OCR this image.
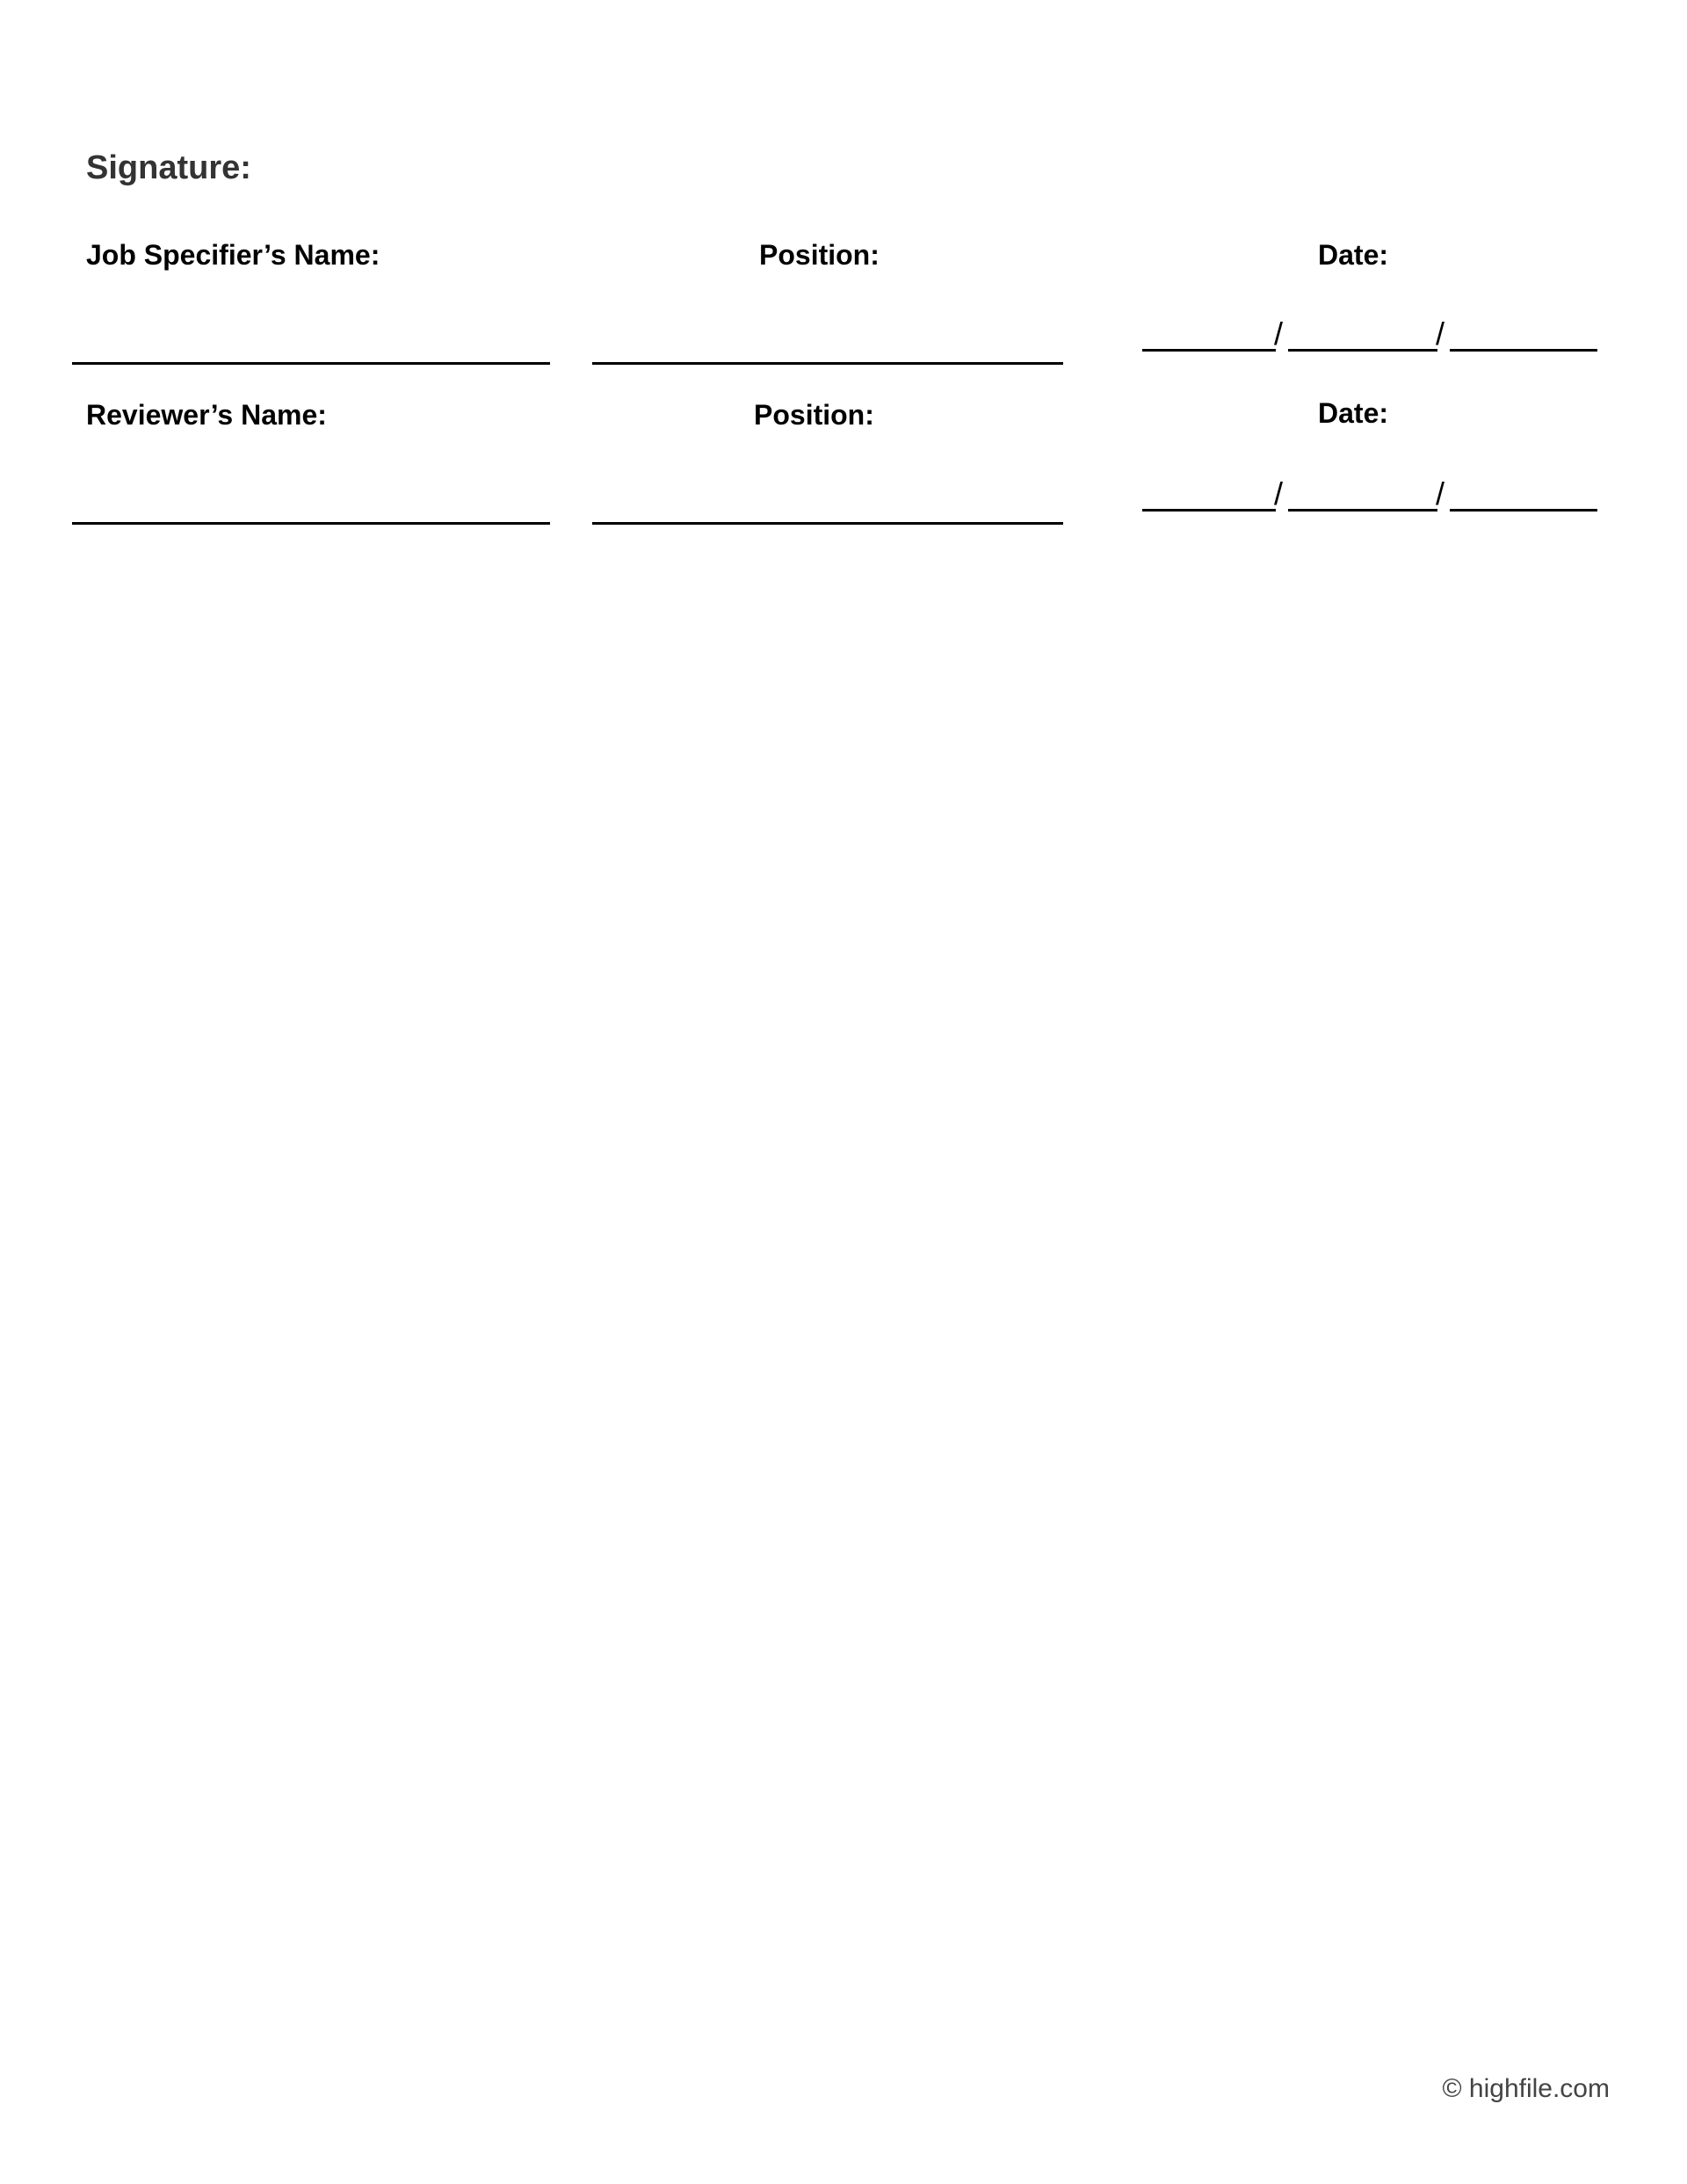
Signature:
Job Specifier’s Name:	Position:	Date:
/	/
Reviewer’s Name:	Position:	Date:
/	/
© highfile.com
